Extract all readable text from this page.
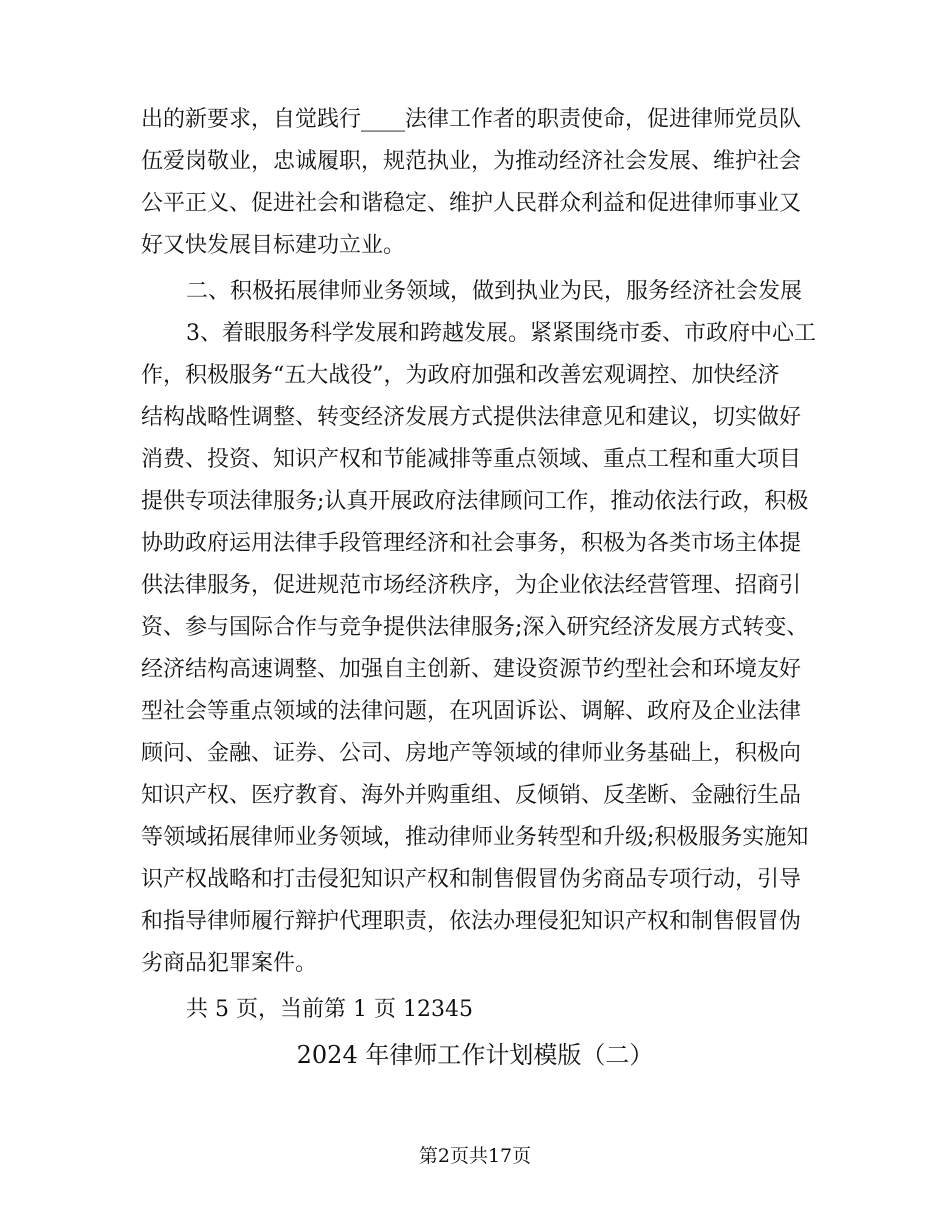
出的新要求，自觉践行____法律工作者的职责使命，促进律师党员队
伍爱岗敬业，忠诚履职，规范执业，为推动经济社会发展、维护社会
公平正义、促进社会和谐稳定、维护人民群众利益和促进律师事业又
好又快发展目标建功立业。
二、积极拓展律师业务领域，做到执业为民，服务经济社会发展
3、着眼服务科学发展和跨越发展。紧紧围绕市委、市政府中心工
作，积极服务“五大战役”，为政府加强和改善宏观调控、加快经济
结构战略性调整、转变经济发展方式提供法律意见和建议，切实做好
消费、投资、知识产权和节能减排等重点领域、重点工程和重大项目
提供专项法律服务;认真开展政府法律顾问工作，推动依法行政，积极
协助政府运用法律手段管理经济和社会事务，积极为各类市场主体提
供法律服务，促进规范市场经济秩序，为企业依法经营管理、招商引
资、参与国际合作与竞争提供法律服务;深入研究经济发展方式转变、
经济结构高速调整、加强自主创新、建设资源节约型社会和环境友好
型社会等重点领域的法律问题，在巩固诉讼、调解、政府及企业法律
顾问、金融、证券、公司、房地产等领域的律师业务基础上，积极向
知识产权、医疗教育、海外并购重组、反倾销、反垄断、金融衍生品
等领域拓展律师业务领域，推动律师业务转型和升级;积极服务实施知
识产权战略和打击侵犯知识产权和制售假冒伪劣商品专项行动，引导
和指导律师履行辩护代理职责，依法办理侵犯知识产权和制售假冒伪
劣商品犯罪案件。
共 5 页，当前第 1 页 12345
2024 年律师工作计划模版（二）
第2页共17页
